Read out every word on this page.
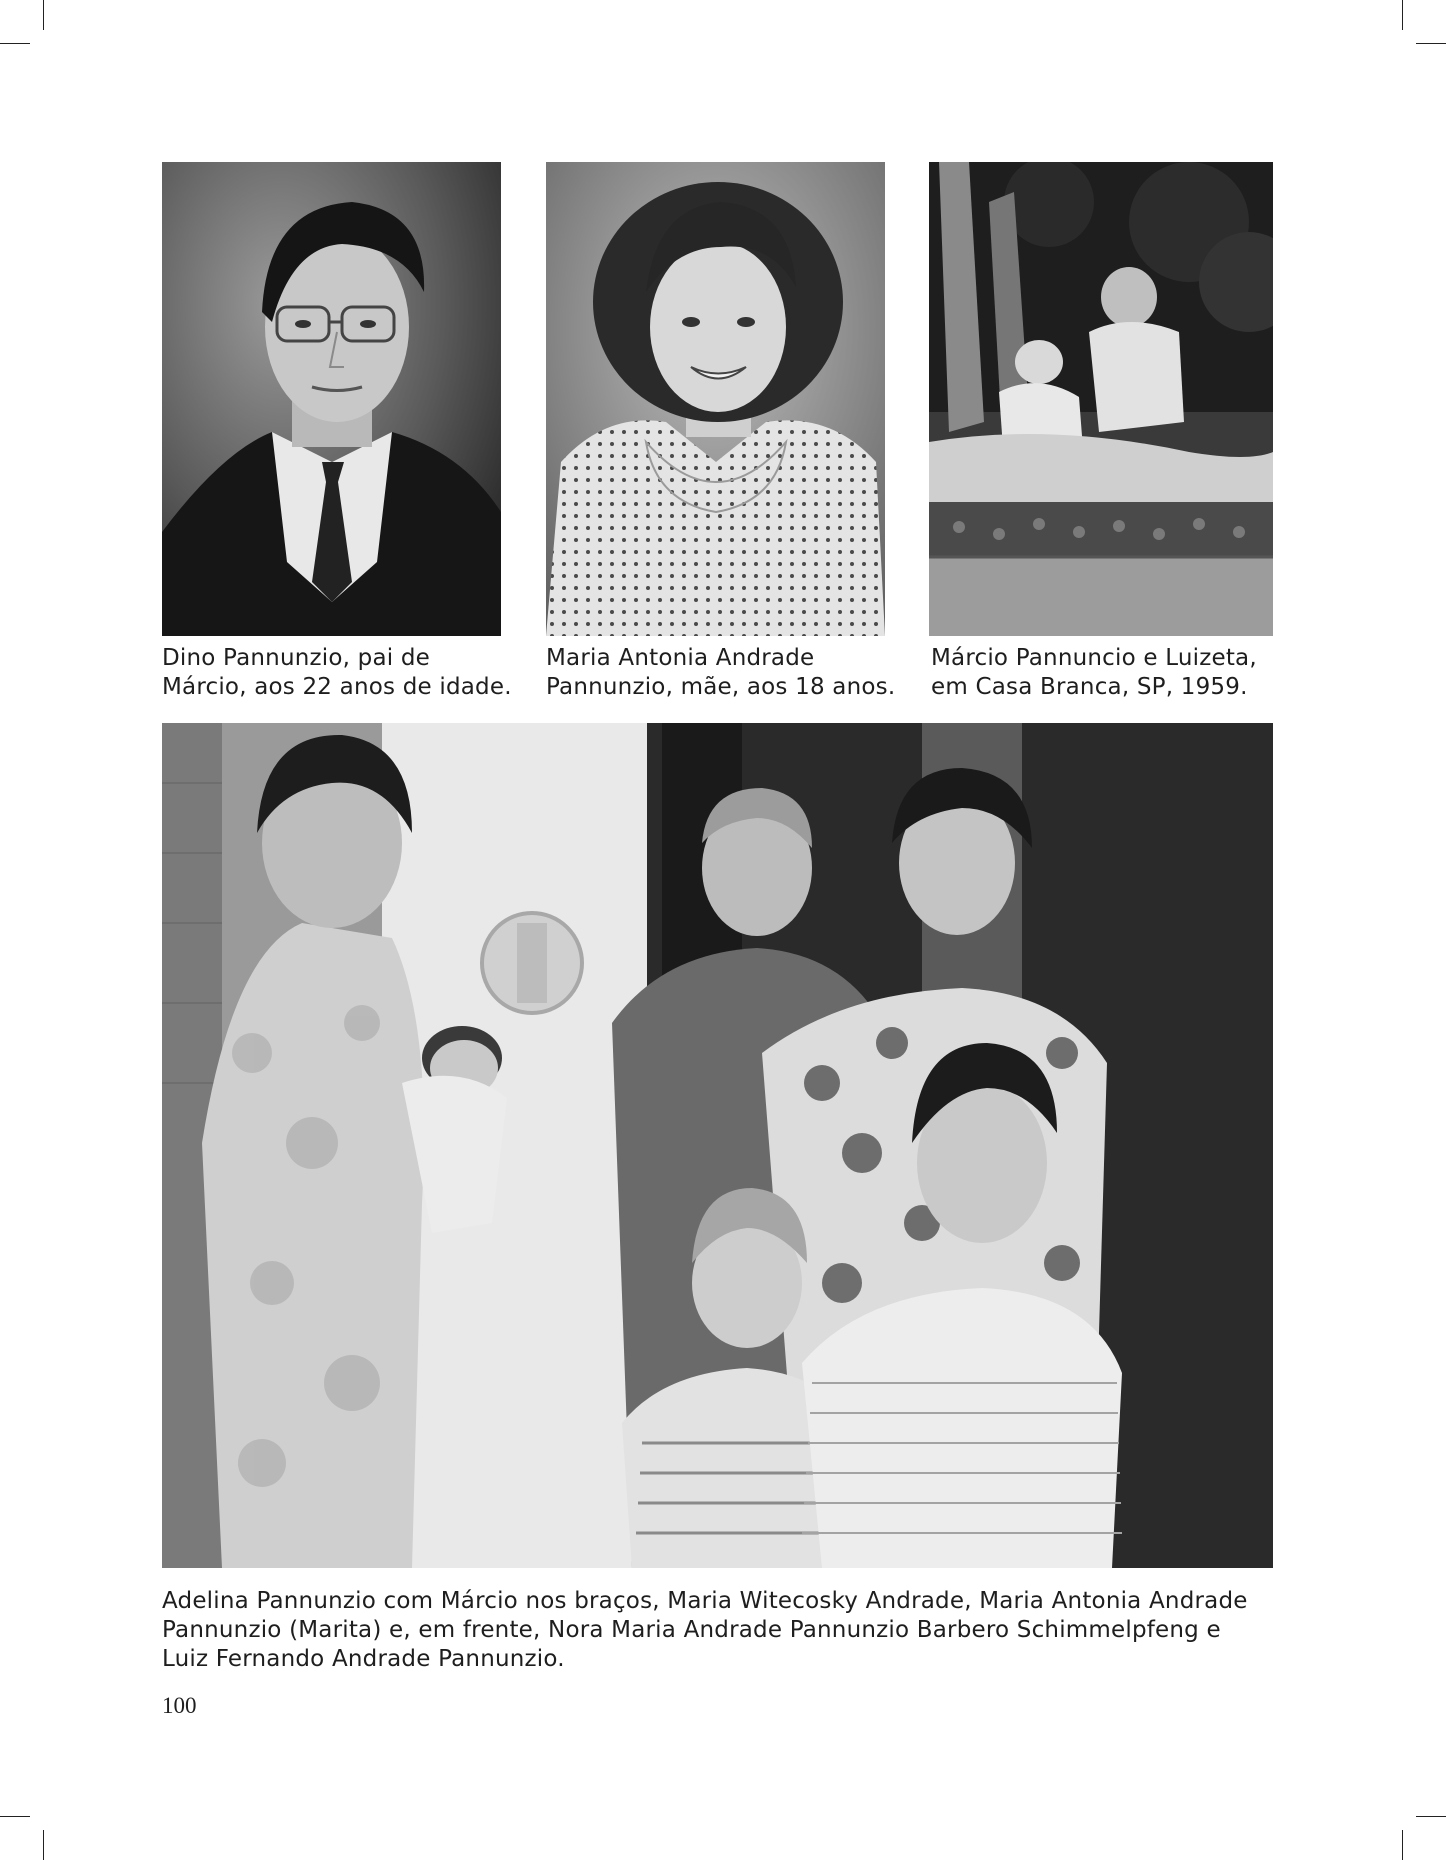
Dino Pannunzio, pai de
Márcio, aos 22 anos de idade.

Maria Antonia Andrade
Pannunzio, mãe, aos 18 anos.

Márcio Pannuncio e Luizeta,
em Casa Branca, SP, 1959.

Adelina Pannunzio com Márcio nos braços, Maria Witecosky Andrade, Maria Antonia Andrade
Pannunzio (Marita) e, em frente, Nora Maria Andrade Pannunzio Barbero Schimmelpfeng e
Luiz Fernando Andrade Pannunzio.

100
